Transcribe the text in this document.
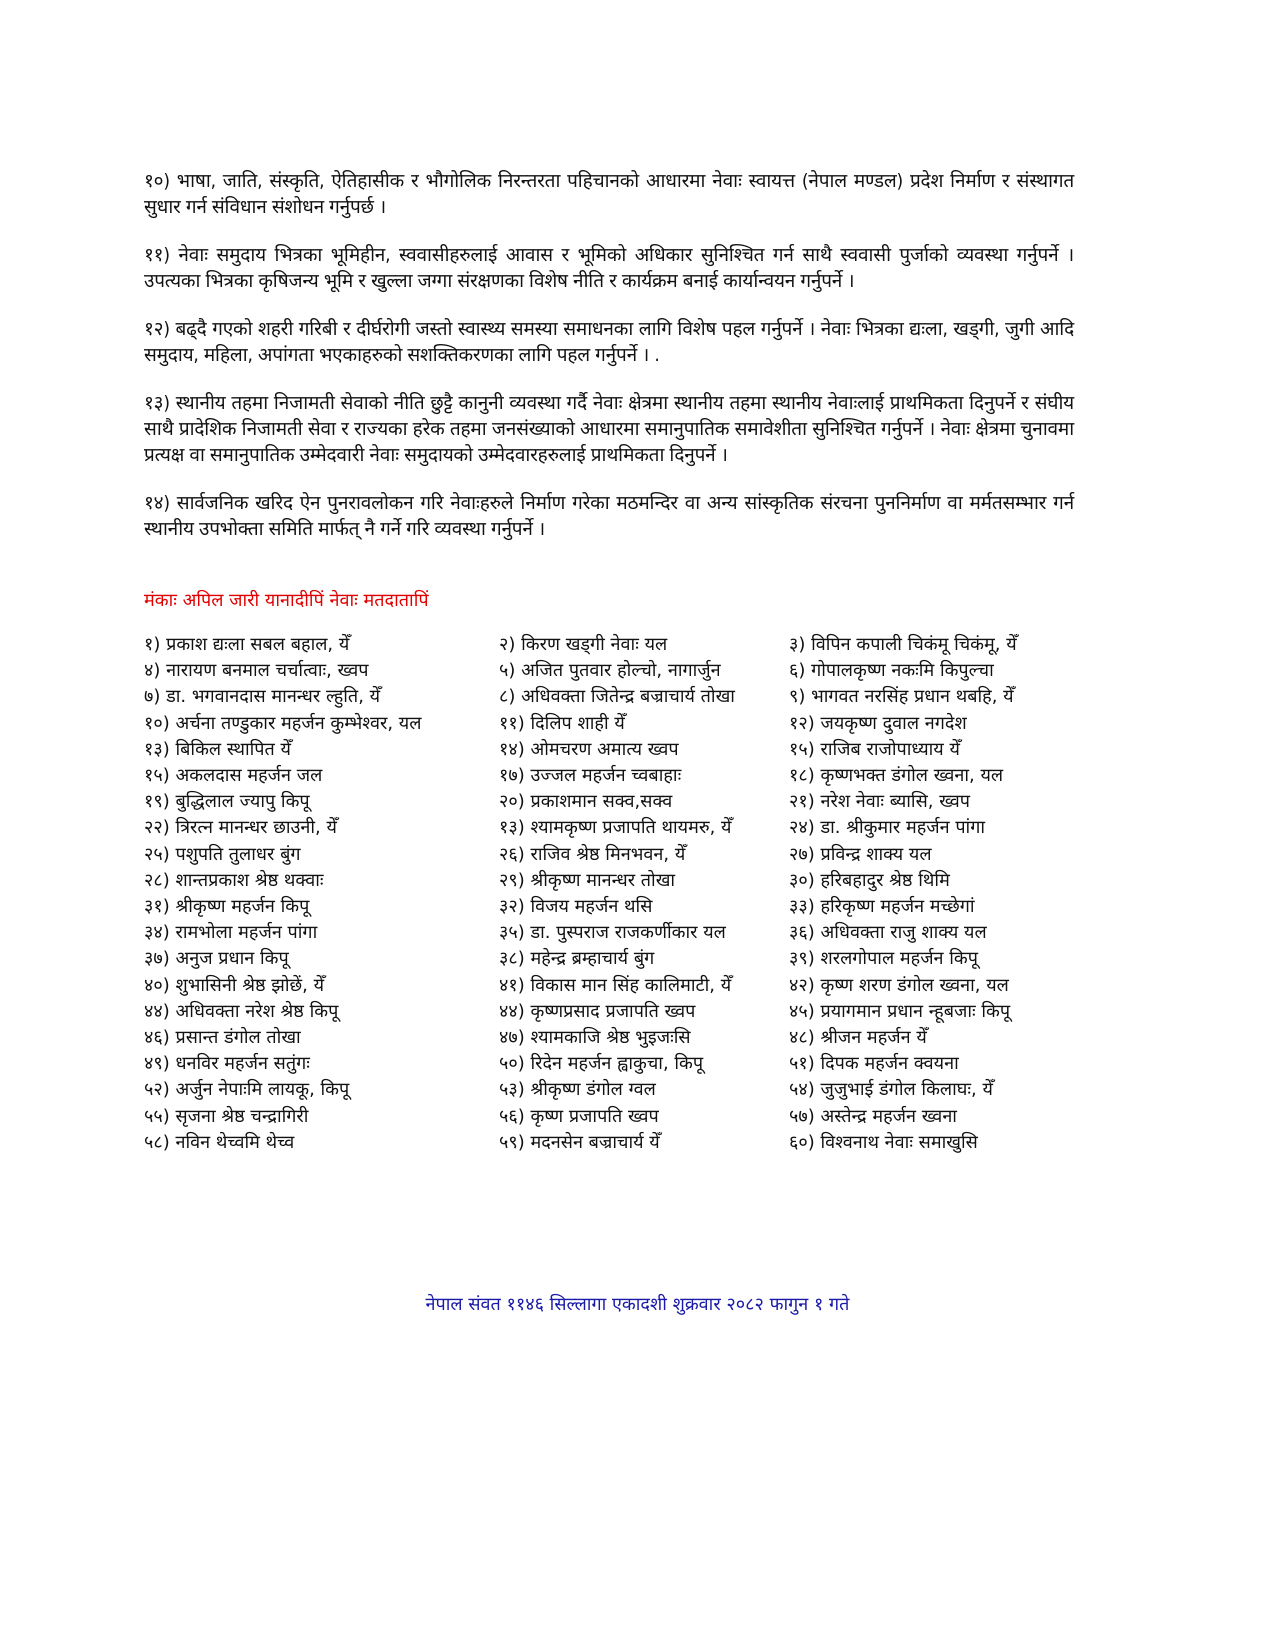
१०) भाषा, जाति, संस्कृति, ऐतिहासीक र भौगोलिक निरन्तरता पहिचानको आधारमा नेवाः स्वायत्त (नेपाल मण्डल) प्रदेश निर्माण र संस्थागत सुधार गर्न संविधान संशोधन गर्नुपर्छ ।

११) नेवाः समुदाय भित्रका भूमिहीन, स्ववासीहरुलाई आवास र भूमिको अधिकार सुनिश्चित गर्न साथै स्ववासी पुर्जाको व्यवस्था गर्नुपर्ने । उपत्यका भित्रका कृषिजन्य भूमि र खुल्ला जग्गा संरक्षणका विशेष नीति र कार्यक्रम बनाई कार्यान्वयन गर्नुपर्ने ।

१२) बढ्दै गएको शहरी गरिबी र दीर्घरोगी जस्तो स्वास्थ्य समस्या समाधनका लागि विशेष पहल गर्नुपर्ने । नेवाः भित्रका द्यःला, खड्गी, जुगी आदि समुदाय, महिला, अपांगता भएकाहरुको सशक्तिकरणका लागि पहल गर्नुपर्ने । .

१३) स्थानीय तहमा निजामती सेवाको नीति छुट्टै कानुनी व्यवस्था गर्दै नेवाः क्षेत्रमा स्थानीय तहमा स्थानीय नेवाःलाई प्राथमिकता दिनुपर्ने र संघीय साथै प्रादेशिक निजामती सेवा र राज्यका हरेक तहमा जनसंख्याको आधारमा समानुपातिक समावेशीता सुनिश्चित गर्नुपर्ने । नेवाः क्षेत्रमा चुनावमा प्रत्यक्ष वा समानुपातिक उम्मेदवारी नेवाः समुदायको उम्मेदवारहरुलाई प्राथमिकता दिनुपर्ने ।

१४) सार्वजनिक खरिद ऐन पुनरावलोकन गरि नेवाःहरुले निर्माण गरेका मठमन्दिर वा अन्य सांस्कृतिक संरचना पुननिर्माण वा मर्मतसम्भार गर्न स्थानीय उपभोक्ता समिति मार्फत् नै गर्ने गरि व्यवस्था गर्नुपर्ने ।

मंकाः अपिल जारी यानादीपिं नेवाः मतदातापिं
१) प्रकाश द्यःला सबल बहाल, येँ	२) किरण खड्गी नेवाः यल	३) विपिन कपाली चिकंमू चिकंमू, येँ
४) नारायण बनमाल चर्चात्वाः, ख्वप	५) अजित पुतवार होल्चो, नागार्जुन	६) गोपालकृष्ण नकःमि किपुल्चा
७) डा. भगवानदास मानन्धर ल्हुति, येँ	८) अधिवक्ता जितेन्द्र बज्राचार्य तोखा	९) भागवत नरसिंह प्रधान थबहि, येँ
१०) अर्चना तण्डुकार महर्जन कुम्भेश्वर, यल	११) दिलिप शाही येँ	१२) जयकृष्ण दुवाल नगदेश
१३) बिकिल स्थापित येँ	१४) ओमचरण अमात्य ख्वप	१५) राजिब राजोपाध्याय येँ
१५) अकलदास महर्जन जल	१७) उज्जल महर्जन च्वबाहाः	१८) कृष्णभक्त डंगोल ख्वना, यल
१९) बुद्धिलाल ज्यापु किपू	२०) प्रकाशमान सक्व,सक्व	२१) नरेश नेवाः ब्यासि, ख्वप
२२) त्रिरत्न मानन्धर छाउनी, येँ	१३) श्यामकृष्ण प्रजापति थायमरु, येँ	२४) डा. श्रीकुमार महर्जन पांगा
२५) पशुपति तुलाधर बुंग	२६) राजिव श्रेष्ठ मिनभवन, येँ	२७) प्रविन्द्र शाक्य यल
२८) शान्तप्रकाश श्रेष्ठ थक्वाः	२९) श्रीकृष्ण मानन्धर तोखा	३०) हरिबहादुर श्रेष्ठ थिमि
३१) श्रीकृष्ण महर्जन किपू	३२) विजय महर्जन थसि	३३) हरिकृष्ण महर्जन मच्छेगां
३४) रामभोला महर्जन पांगा	३५) डा. पुस्पराज राजकर्णीकार यल	३६) अधिवक्ता राजु शाक्य यल
३७) अनुज प्रधान किपू	३८) महेन्द्र ब्रम्हाचार्य बुंग	३९) शरलगोपाल महर्जन किपू
४०) शुभासिनी श्रेष्ठ झोछें, येँ	४१) विकास मान सिंह कालिमाटी, येँ	४२) कृष्ण शरण डंगोल ख्वना, यल
४४) अधिवक्ता नरेश श्रेष्ठ किपू	४४) कृष्णप्रसाद प्रजापति ख्वप	४५) प्रयागमान प्रधान न्हूबजाः किपू
४६) प्रसान्त डंगोल तोखा	४७) श्यामकाजि श्रेष्ठ भुइजःसि	४८) श्रीजन महर्जन येँ
४९) धनविर महर्जन सतुंगः	५०) रिदेन महर्जन ह्वाकुचा, किपू	५१) दिपक महर्जन क्वयना
५२) अर्जुन नेपाःमि लायकू, किपू	५३) श्रीकृष्ण डंगोल ग्वल	५४) जुजुभाई डंगोल किलाघः, येँ
५५) सृजना श्रेष्ठ चन्द्रागिरी	५६) कृष्ण प्रजापति ख्वप	५७) अस्तेन्द्र महर्जन ख्वना
५८) नविन थेच्वमि थेच्व	५९) मदनसेन बज्राचार्य येँ	६०) विश्वनाथ नेवाः समाखुसि
नेपाल संवत ११४६ सिल्लागा एकादशी शुक्रवार २०८२ फागुन १ गते
